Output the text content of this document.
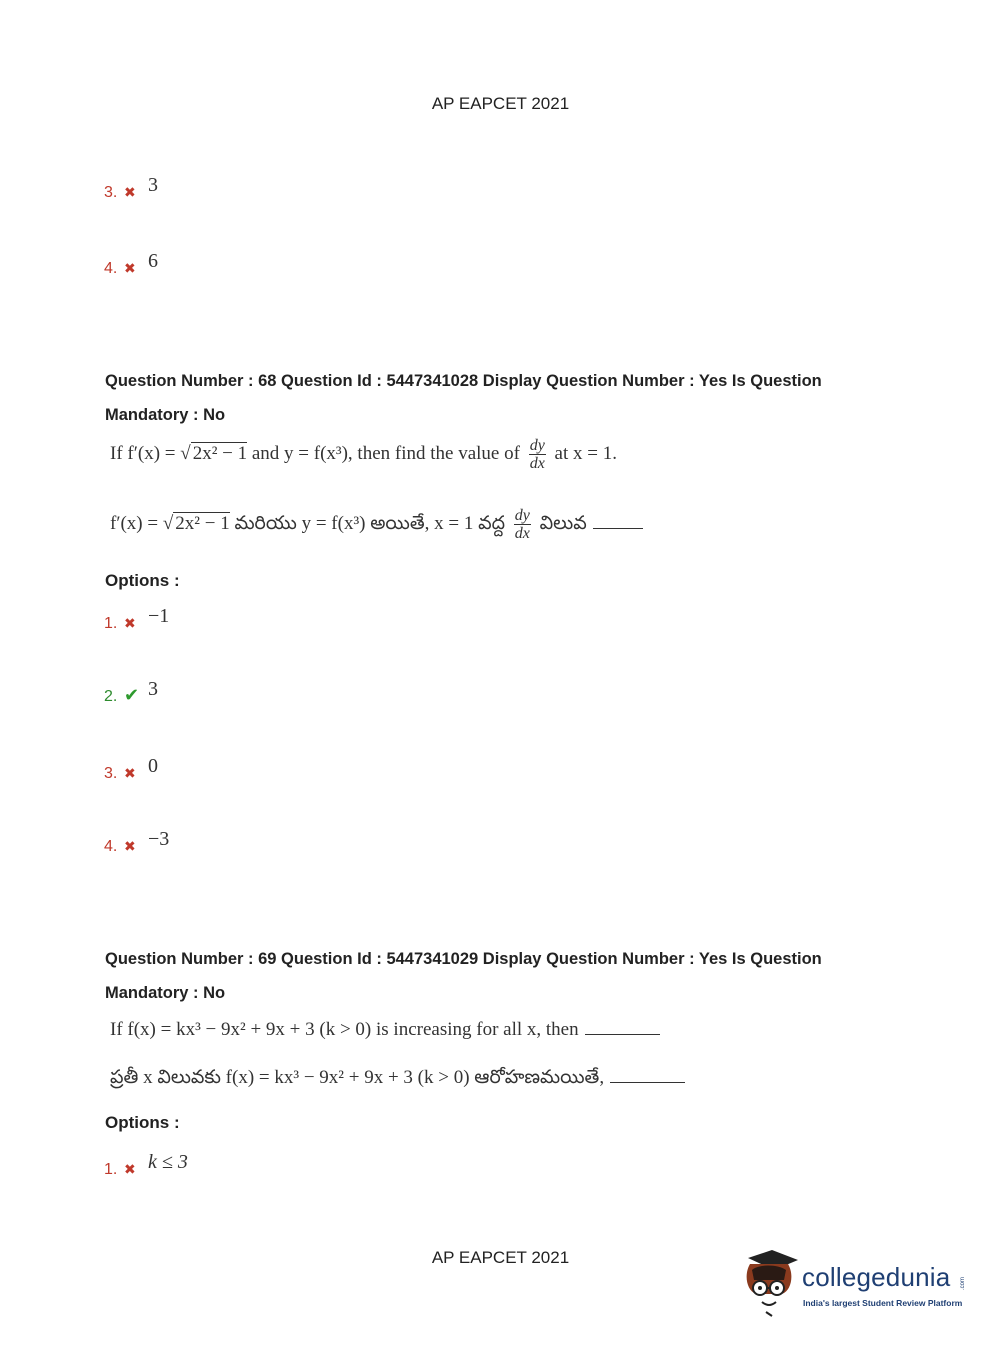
AP EAPCET 2021
3. ✖ 3
4. ✖ 6
Question Number : 68 Question Id : 5447341028 Display Question Number : Yes Is Question
Mandatory : No
If f′(x) = √ 2x² − 1 and y = f(x³), then find the value of $\frac{dy}{dx}$ at x = 1.
f′(x) = √ 2x² − 1 మరియు y = f(x³) అయితే, x = 1 వద్ద $\frac{dy}{dx}$ విలువ
Options :
1. ✖ −1
2. ✔ 3
3. ✖ 0
4. ✖ −3
Question Number : 69 Question Id : 5447341029 Display Question Number : Yes Is Question
Mandatory : No
If f(x) = kx³ − 9x² + 9x + 3 (k > 0) is increasing for all x, then
ప్రతీ x విలువకు f(x) = kx³ − 9x² + 9x + 3 (k > 0) ఆరోహణమయితే,
Options :
1. ✖ k ≤ 3
AP EAPCET 2021
collegedunia
India's largest Student Review Platform
.com
